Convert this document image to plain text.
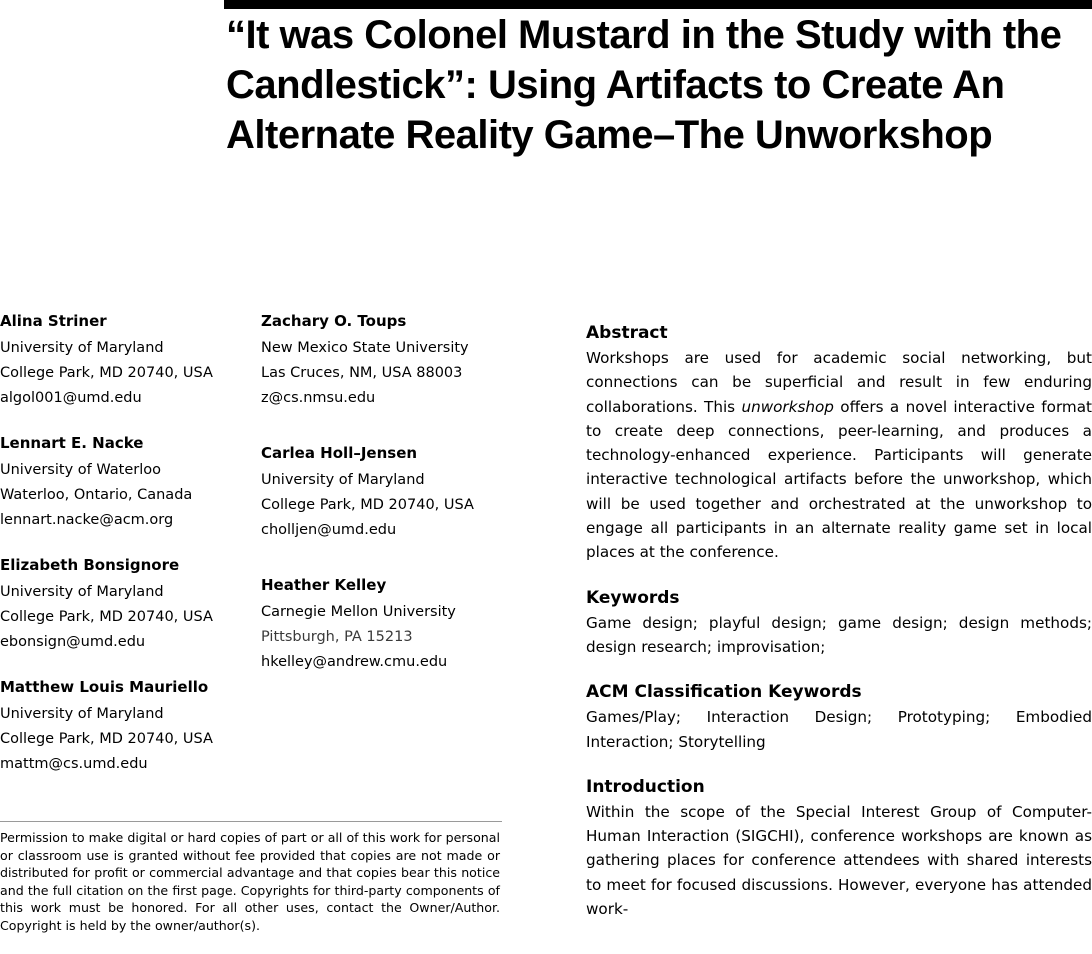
“It was Colonel Mustard in the Study with the Candlestick”: Using Artifacts to Create An Alternate Reality Game–The Unworkshop
Alina Striner
University of Maryland
College Park, MD 20740, USA
algol001@umd.edu
Lennart E. Nacke
University of Waterloo
Waterloo, Ontario, Canada
lennart.nacke@acm.org
Elizabeth Bonsignore
University of Maryland
College Park, MD 20740, USA
ebonsign@umd.edu
Matthew Louis Mauriello
University of Maryland
College Park, MD 20740, USA
mattm@cs.umd.edu
Zachary O. Toups
New Mexico State University
Las Cruces, NM, USA 88003
z@cs.nmsu.edu
Carlea Holl–Jensen
University of Maryland
College Park, MD 20740, USA
cholljen@umd.edu
Heather Kelley
Carnegie Mellon University
Pittsburgh, PA 15213
hkelley@andrew.cmu.edu
Permission to make digital or hard copies of part or all of this work for personal or classroom use is granted without fee provided that copies are not made or distributed for profit or commercial advantage and that copies bear this notice and the full citation on the first page. Copyrights for third-party components of this work must be honored. For all other uses, contact the Owner/Author. Copyright is held by the owner/author(s).
Abstract
Workshops are used for academic social networking, but connections can be superficial and result in few enduring collaborations. This unworkshop offers a novel interactive format to create deep connections, peer-learning, and produces a technology-enhanced experience. Participants will generate interactive technological artifacts before the unworkshop, which will be used together and orchestrated at the unworkshop to engage all participants in an alternate reality game set in local places at the conference.
Keywords
Game design; playful design; game design; design methods; design research; improvisation;
ACM Classification Keywords
Games/Play; Interaction Design; Prototyping; Embodied Interaction; Storytelling
Introduction
Within the scope of the Special Interest Group of Computer-Human Interaction (SIGCHI), conference workshops are known as gathering places for conference attendees with shared interests to meet for focused discussions. However, everyone has attended work-
